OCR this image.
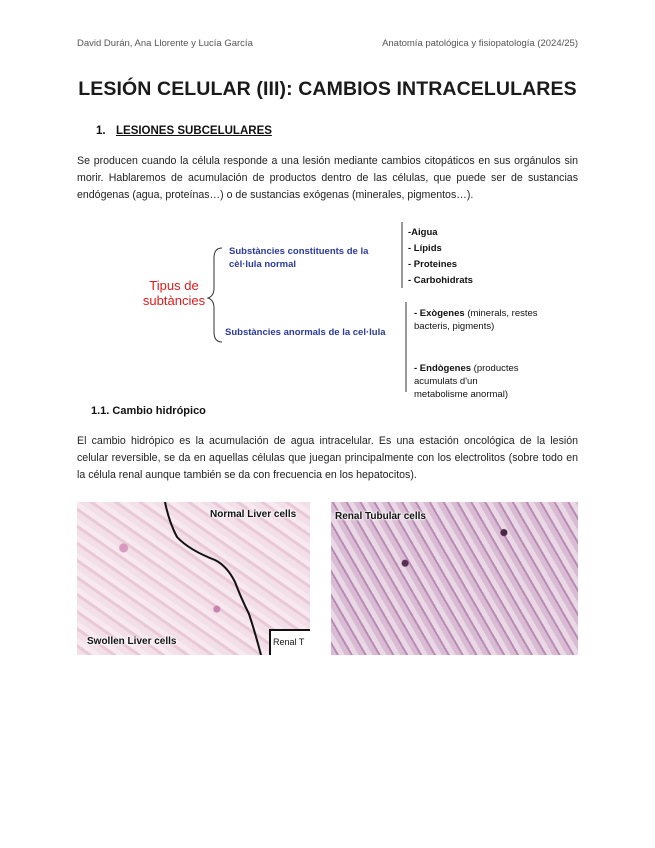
David Durán, Ana Llorente y Lucía García	Anatomía patológica y fisiopatología (2024/25)
LESIÓN CELULAR (III): CAMBIOS INTRACELULARES
1. LESIONES SUBCELULARES
Se producen cuando la célula responde a una lesión mediante cambios citopáticos en sus orgánulos sin morir. Hablaremos de acumulación de productos dentro de las células, que puede ser de sustancias endógenas (agua, proteínas…) o de sustancias exógenas (minerales, pigmentos…).
Tipus de subtàncies
Substàncies constituents de la cèl·lula normal
Substàncies anormals de la cel·lula
-Aigua
- Lípids
- Proteines
- Carbohidrats
- Exògenes (minerals, restes bacteris, pigments)
- Endògenes (productes acumulats d'un metabolisme anormal)
1.1. Cambio hidrópico
El cambio hidrópico es la acumulación de agua intracelular. Es una estación oncológica de la lesión celular reversible, se da en aquellas células que juegan principalmente con los electrolitos (sobre todo en la célula renal aunque también se da con frecuencia en los hepatocitos).
Normal Liver cells
Swollen Liver cells	Renal T
Renal Tubular cells
